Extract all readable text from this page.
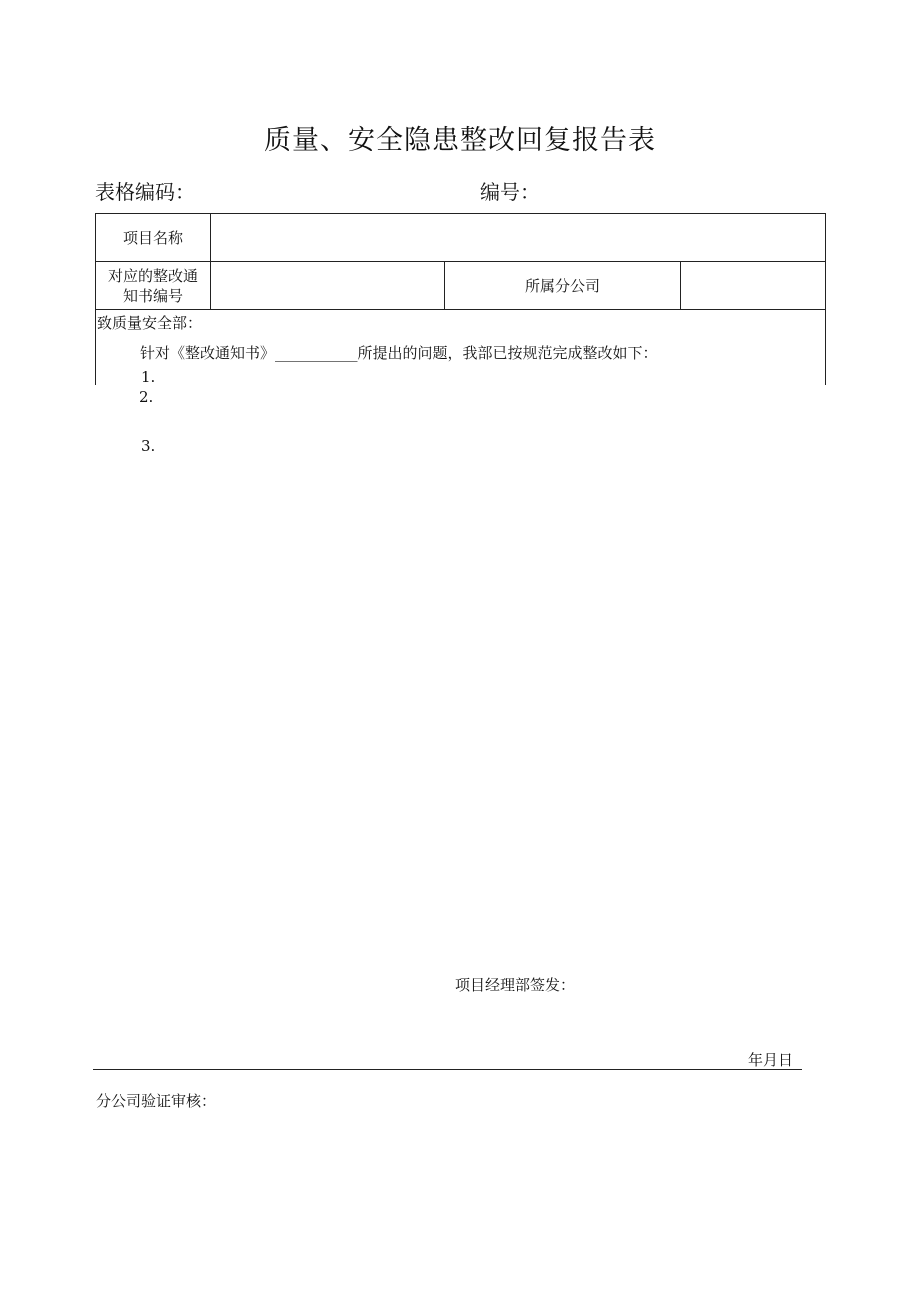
质量、安全隐患整改回复报告表
表格编码：	编号：
项目名称
对应的整改通
知书编号
所属分公司
致质量安全部：
针对《整改通知书》___________所提出的问题，我部已按规范完成整改如下：
1.
2.
3.
项目经理部签发：
年月日
分公司验证审核：
